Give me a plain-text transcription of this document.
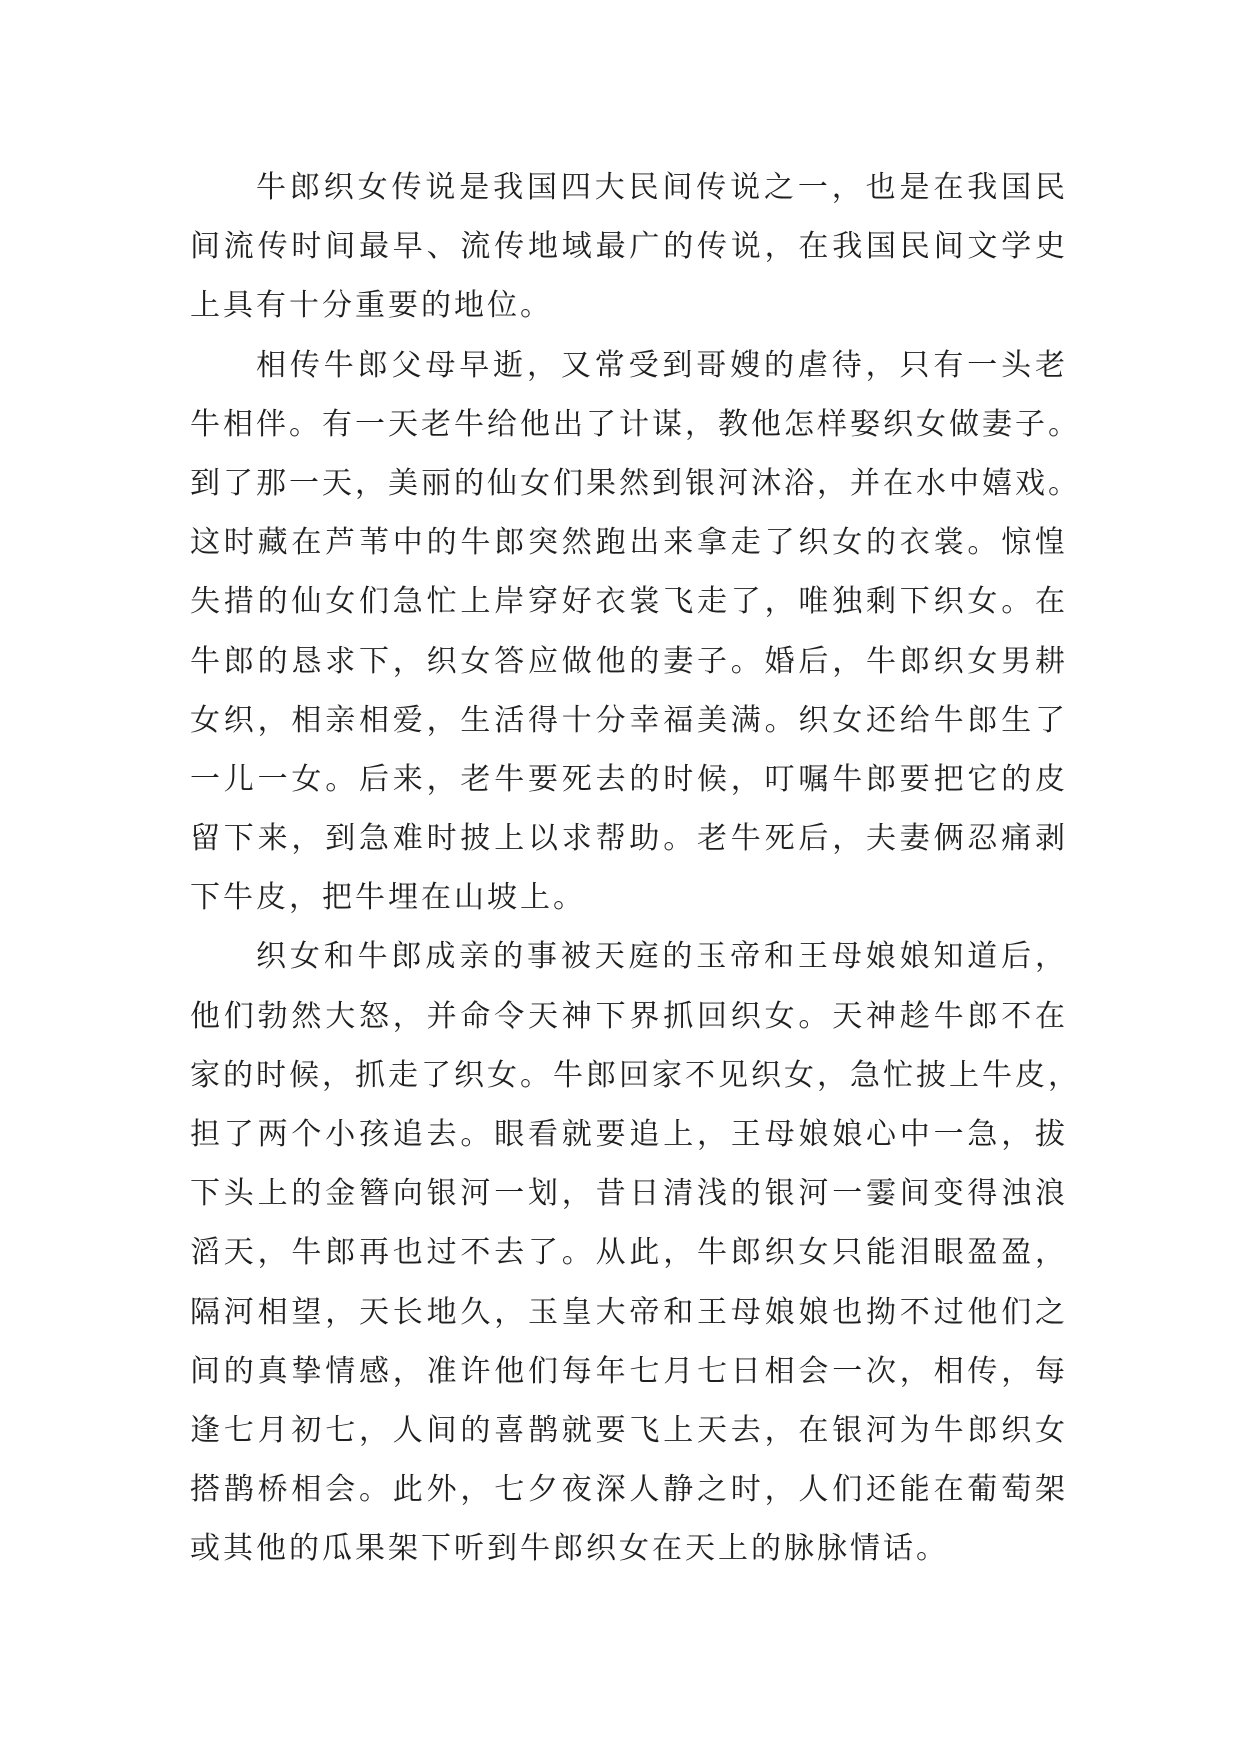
牛郎织女传说是我国四大民间传说之一，也是在我国民
间流传时间最早、流传地域最广的传说，在我国民间文学史
上具有十分重要的地位。
相传牛郎父母早逝，又常受到哥嫂的虐待，只有一头老
牛相伴。有一天老牛给他出了计谋，教他怎样娶织女做妻子。
到了那一天，美丽的仙女们果然到银河沐浴，并在水中嬉戏。
这时藏在芦苇中的牛郎突然跑出来拿走了织女的衣裳。惊惶
失措的仙女们急忙上岸穿好衣裳飞走了，唯独剩下织女。在
牛郎的恳求下，织女答应做他的妻子。婚后，牛郎织女男耕
女织，相亲相爱，生活得十分幸福美满。织女还给牛郎生了
一儿一女。后来，老牛要死去的时候，叮嘱牛郎要把它的皮
留下来，到急难时披上以求帮助。老牛死后，夫妻俩忍痛剥
下牛皮，把牛埋在山坡上。
织女和牛郎成亲的事被天庭的玉帝和王母娘娘知道后，
他们勃然大怒，并命令天神下界抓回织女。天神趁牛郎不在
家的时候，抓走了织女。牛郎回家不见织女，急忙披上牛皮，
担了两个小孩追去。眼看就要追上，王母娘娘心中一急，拔
下头上的金簪向银河一划，昔日清浅的银河一霎间变得浊浪
滔天，牛郎再也过不去了。从此，牛郎织女只能泪眼盈盈，
隔河相望，天长地久，玉皇大帝和王母娘娘也拗不过他们之
间的真挚情感，准许他们每年七月七日相会一次，相传，每
逢七月初七，人间的喜鹊就要飞上天去，在银河为牛郎织女
搭鹊桥相会。此外，七夕夜深人静之时，人们还能在葡萄架
或其他的瓜果架下听到牛郎织女在天上的脉脉情话。
